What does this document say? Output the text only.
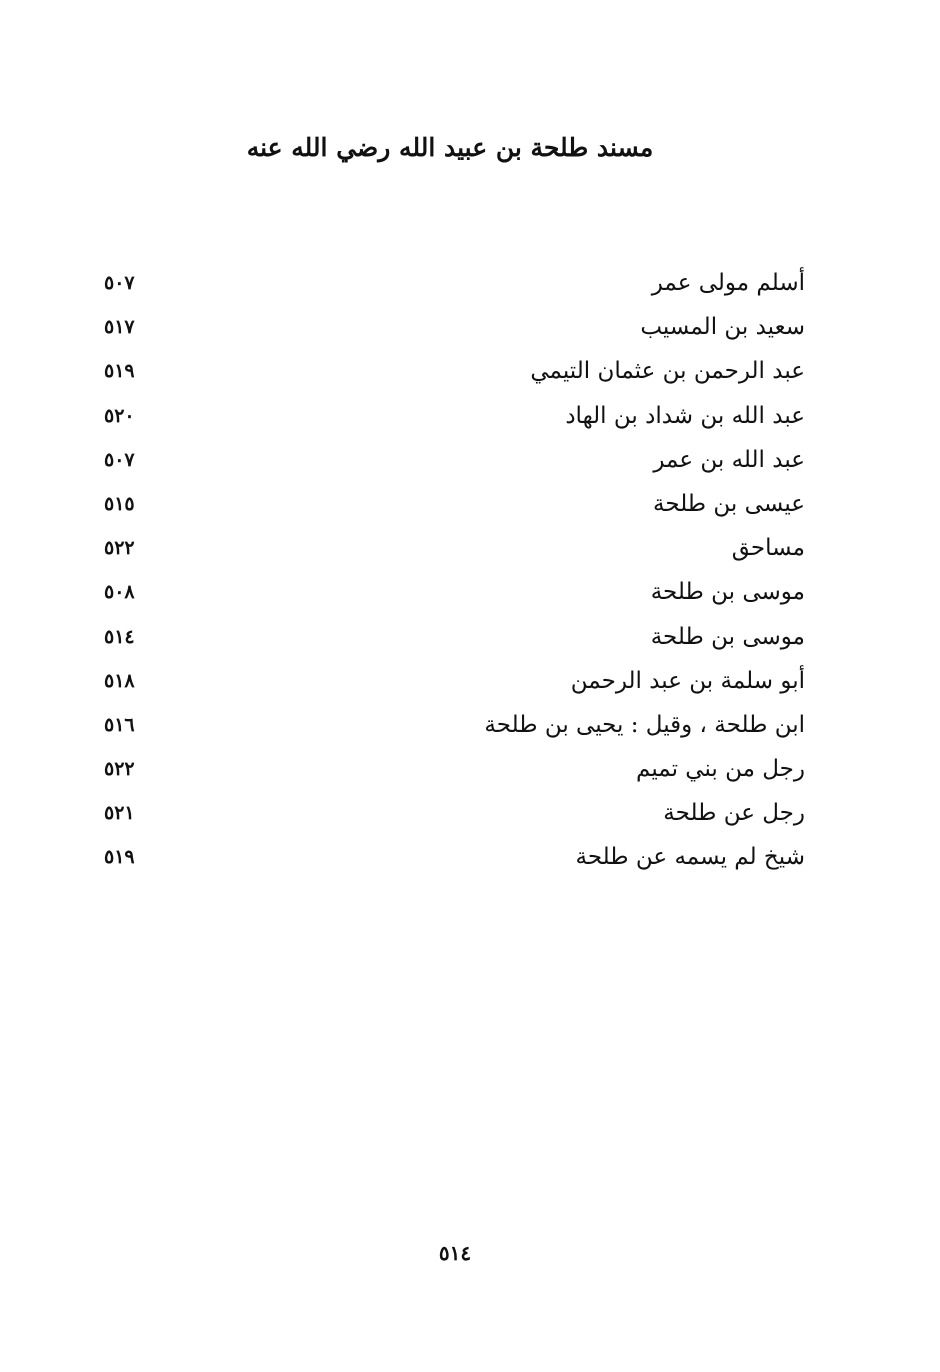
مسند طلحة بن عبيد الله رضي الله عنه
أسلم مولى عمر
٥٠٧
سعيد بن المسيب
٥١٧
عبد الرحمن بن عثمان التيمي
٥١٩
عبد الله بن شداد بن الهاد
٥٢٠
عبد الله بن عمر
٥٠٧
عيسى بن طلحة
٥١٥
مساحق
٥٢٢
موسى بن طلحة
٥٠٨
موسى بن طلحة
٥١٤
أبو سلمة بن عبد الرحمن
٥١٨
ابن طلحة ، وقيل : يحيى بن طلحة
٥١٦
رجل من بني تميم
٥٢٢
رجل عن طلحة
٥٢١
شيخ لم يسمه عن طلحة
٥١٩
٥١٤
